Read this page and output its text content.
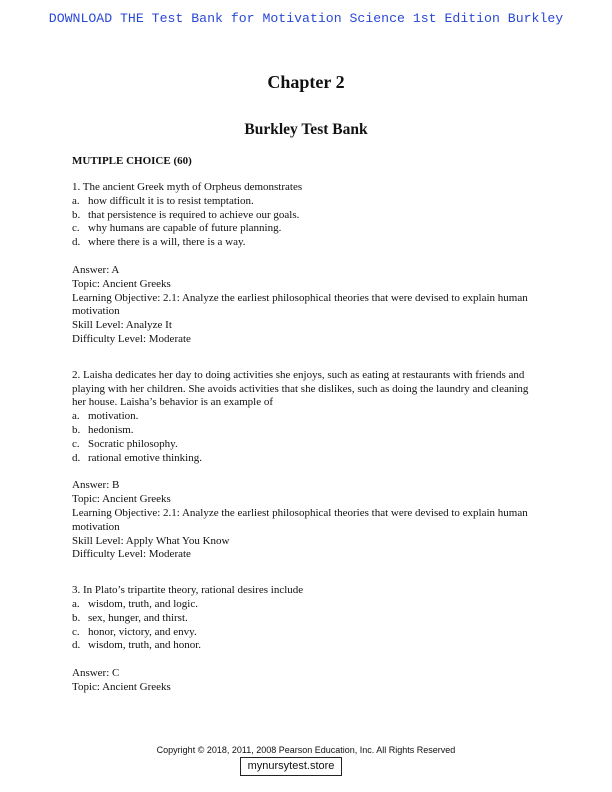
DOWNLOAD THE Test Bank for Motivation Science 1st Edition Burkley
Chapter 2
Burkley Test Bank
MUTIPLE CHOICE (60)

1. The ancient Greek myth of Orpheus demonstrates

a. how difficult it is to resist temptation.

b. that persistence is required to achieve our goals.

c. why humans are capable of future planning.

d. where there is a will, there is a way.

Answer: A

Topic: Ancient Greeks

Learning Objective: 2.1: Analyze the earliest philosophical theories that were devised to explain human motivation

Skill Level: Analyze It

Difficulty Level: Moderate

2. Laisha dedicates her day to doing activities she enjoys, such as eating at restaurants with friends and playing with her children. She avoids activities that she dislikes, such as doing the laundry and cleaning her house. Laisha’s behavior is an example of

a. motivation.

b. hedonism.

c. Socratic philosophy.

d. rational emotive thinking.

Answer: B

Topic: Ancient Greeks

Learning Objective: 2.1: Analyze the earliest philosophical theories that were devised to explain human motivation

Skill Level: Apply What You Know

Difficulty Level: Moderate

3. In Plato’s tripartite theory, rational desires include

a. wisdom, truth, and logic.

b. sex, hunger, and thirst.

c. honor, victory, and envy.

d. wisdom, truth, and honor.

Answer: C

Topic: Ancient Greeks

Copyright © 2018, 2011, 2008 Pearson Education, Inc. All Rights Reserved
mynursytest.store
